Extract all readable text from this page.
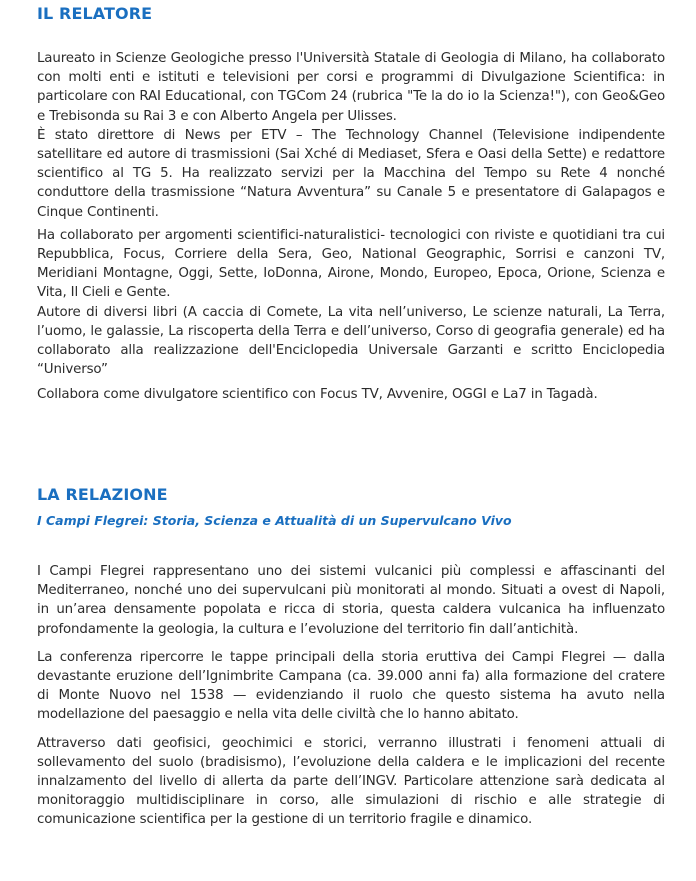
IL RELATORE

Laureato in Scienze Geologiche presso l'Università Statale di Geologia di Milano, ha collaborato con molti enti e istituti e televisioni per corsi e programmi di Divulgazione Scientifica: in particolare con RAI Educational, con TGCom 24 (rubrica "Te la do io la Scienza!"), con Geo&Geo e Trebisonda su Rai 3 e con Alberto Angela per Ulisses.

È stato direttore di News per ETV – The Technology Channel (Televisione indipendente satellitare ed autore di trasmissioni (Sai Xché di Mediaset, Sfera e Oasi della Sette) e redattore scientifico al TG 5. Ha realizzato servizi per la Macchina del Tempo su Rete 4 nonché conduttore della trasmissione “Natura Avventura” su Canale 5 e presentatore di Galapagos e Cinque Continenti.

Ha collaborato per argomenti scientifici-naturalistici- tecnologici con riviste e quotidiani tra cui Repubblica, Focus, Corriere della Sera, Geo, National Geographic, Sorrisi e canzoni TV, Meridiani Montagne, Oggi, Sette, IoDonna, Airone, Mondo, Europeo, Epoca, Orione, Scienza e Vita, Il Cieli e Gente.

Autore di diversi libri (A caccia di Comete, La vita nell’universo, Le scienze naturali, La Terra, l’uomo, le galassie, La riscoperta della Terra e dell’universo, Corso di geografia generale) ed ha collaborato alla realizzazione dell'Enciclopedia Universale Garzanti e scritto Enciclopedia “Universo”

Collabora come divulgatore scientifico con Focus TV, Avvenire, OGGI e La7 in Tagadà.

LA RELAZIONE
I Campi Flegrei: Storia, Scienza e Attualità di un Supervulcano Vivo

I Campi Flegrei rappresentano uno dei sistemi vulcanici più complessi e affascinanti del Mediterraneo, nonché uno dei supervulcani più monitorati al mondo. Situati a ovest di Napoli, in un’area densamente popolata e ricca di storia, questa caldera vulcanica ha influenzato profondamente la geologia, la cultura e l’evoluzione del territorio fin dall’antichità.

La conferenza ripercorre le tappe principali della storia eruttiva dei Campi Flegrei — dalla devastante eruzione dell’Ignimbrite Campana (ca. 39.000 anni fa) alla formazione del cratere di Monte Nuovo nel 1538 — evidenziando il ruolo che questo sistema ha avuto nella modellazione del paesaggio e nella vita delle civiltà che lo hanno abitato.

Attraverso dati geofisici, geochimici e storici, verranno illustrati i fenomeni attuali di sollevamento del suolo (bradisismo), l’evoluzione della caldera e le implicazioni del recente innalzamento del livello di allerta da parte dell’INGV. Particolare attenzione sarà dedicata al monitoraggio multidisciplinare in corso, alle simulazioni di rischio e alle strategie di comunicazione scientifica per la gestione di un territorio fragile e dinamico.
